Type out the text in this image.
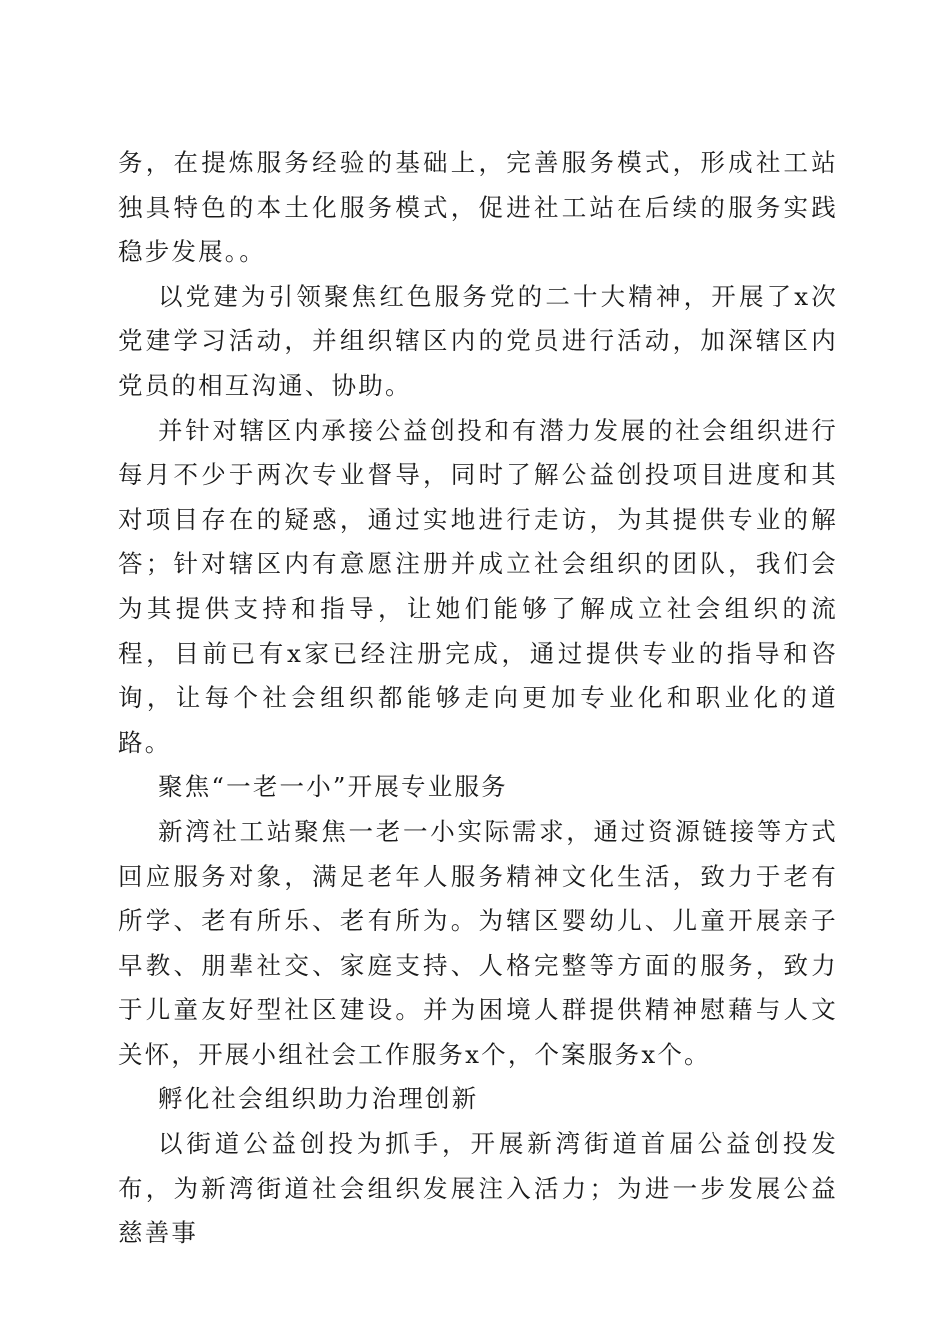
务，在提炼服务经验的基础上，完善服务模式，形成社工站独具特色的本土化服务模式，促进社工站在后续的服务实践稳步发展。。

以党建为引领聚焦红色服务党的二十大精神，开展了x次党建学习活动，并组织辖区内的党员进行活动，加深辖区内党员的相互沟通、协助。

并针对辖区内承接公益创投和有潜力发展的社会组织进行每月不少于两次专业督导，同时了解公益创投项目进度和其对项目存在的疑惑，通过实地进行走访，为其提供专业的解答；针对辖区内有意愿注册并成立社会组织的团队，我们会为其提供支持和指导，让她们能够了解成立社会组织的流程，目前已有x家已经注册完成，通过提供专业的指导和咨询，让每个社会组织都能够走向更加专业化和职业化的道路。

聚焦“一老一小”开展专业服务

新湾社工站聚焦一老一小实际需求，通过资源链接等方式回应服务对象，满足老年人服务精神文化生活，致力于老有所学、老有所乐、老有所为。为辖区婴幼儿、儿童开展亲子早教、朋辈社交、家庭支持、人格完整等方面的服务，致力于儿童友好型社区建设。并为困境人群提供精神慰藉与人文关怀，开展小组社会工作服务x个，个案服务x个。

孵化社会组织助力治理创新

以街道公益创投为抓手，开展新湾街道首届公益创投发布，为新湾街道社会组织发展注入活力；为进一步发展公益慈善事
